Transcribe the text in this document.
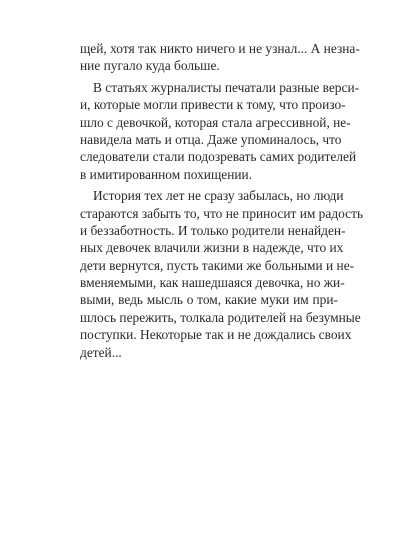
щей, хотя так никто ничего и не узнал... А незна-
ние пугало куда больше.
В статьях журналисты печатали разные верси-
и, которые могли привести к тому, что произо-
шло с девочкой, которая стала агрессивной, не-
навидела мать и отца. Даже упоминалось, что
следователи стали подозревать самих родителей
в имитированном похищении.
История тех лет не сразу забылась, но люди
стараются забыть то, что не приносит им радость
и беззаботность. И только родители ненайден-
ных девочек влачили жизни в надежде, что их
дети вернутся, пусть такими же больными и не-
вменяемыми, как нашедшаяся девочка, но жи-
выми, ведь мысль о том, какие муки им при-
шлось пережить, толкала родителей на безумные
поступки. Некоторые так и не дождались своих
детей...
